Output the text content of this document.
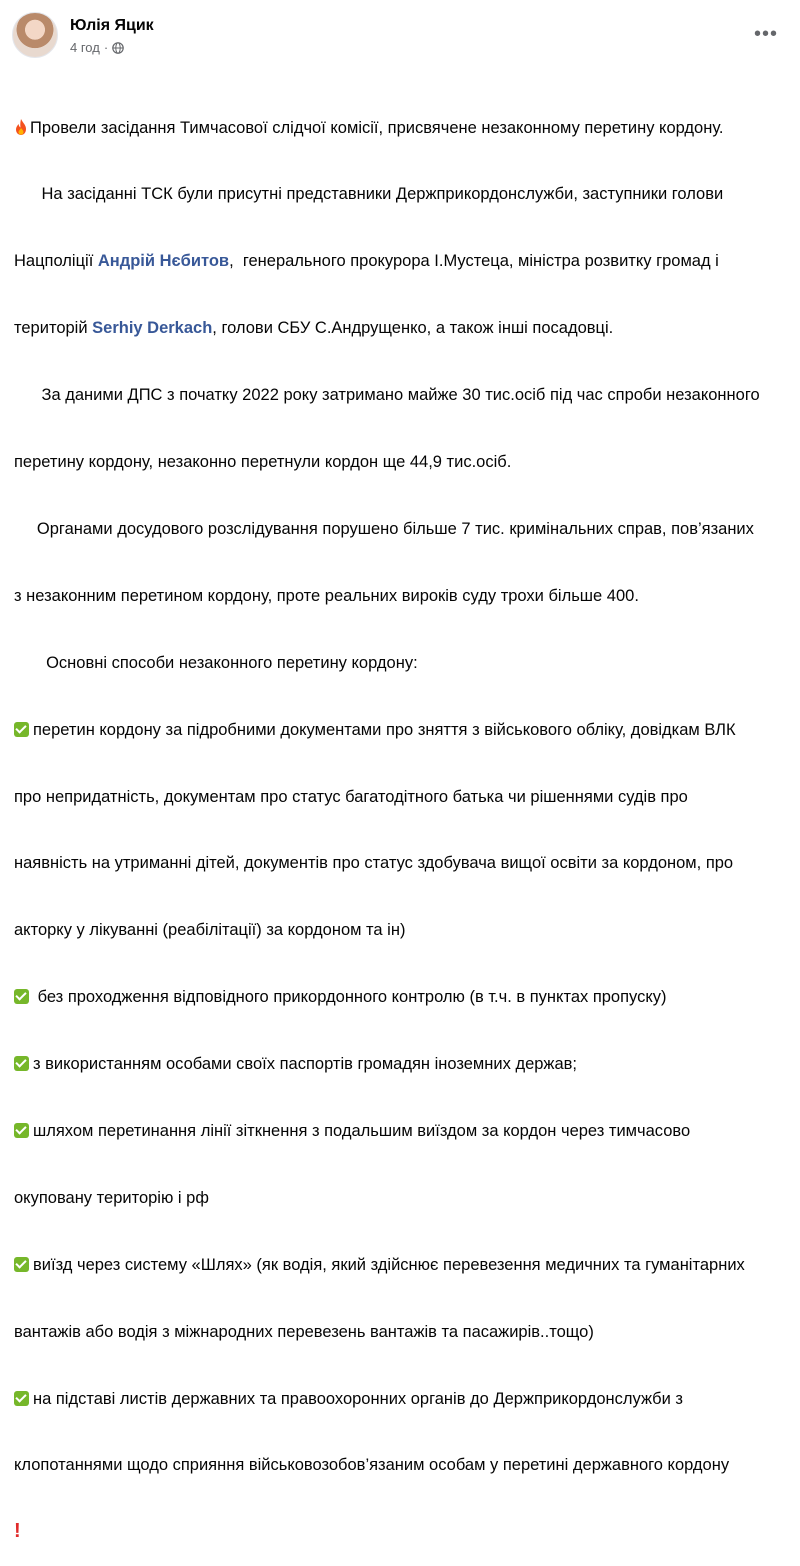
Юлія Яцик
4 год ·
•••

Провели засідання Тимчасової слідчої комісії, присвячене незаконному перетину кордону.

На засіданні ТСК були присутні представники Держприкордонслужби, заступники голови

Нацполіції Андрій Нєбитов,  генерального прокурора І.Мустеца, міністра розвитку громад і

територій Serhiy Derkach, голови СБУ С.Андрущенко, а також інші посадовці.

За даними ДПС з початку 2022 року затримано майже 30 тис.осіб під час спроби незаконного

перетину кордону, незаконно перетнули кордон ще 44,9 тис.осіб.

Органами досудового розслідування порушено більше 7 тис. кримінальних справ, пов’язаних

з незаконним перетином кордону, проте реальних вироків суду трохи більше 400.

Основні способи незаконного перетину кордону:

перетин кордону за підробними документами про зняття з військового обліку, довідкам ВЛК

про непридатність, документам про статус багатодітного батька чи рішеннями судів про

наявність на утриманні дітей, документів про статус здобувача вищої освіти за кордоном, про

акторку у лікуванні (реабілітації) за кордоном та ін)

без проходження відповідного прикордонного контролю (в т.ч. в пунктах пропуску)

з використанням особами своїх паспортів громадян іноземних держав;

шляхом перетинання лінії зіткнення з подальшим виїздом за кордон через тимчасово

окуповану територію і рф

виїзд через систему «Шлях» (як водія, який здійснює перевезення медичних та гуманітарних

вантажів або водія з міжнародних перевезень вантажів та пасажирів..тощо)

на підставі листів державних та правоохоронних органів до Держприкордонслужби з

клопотаннями щодо сприяння військовозобов’язаним особам у перетині державного кордону

!
